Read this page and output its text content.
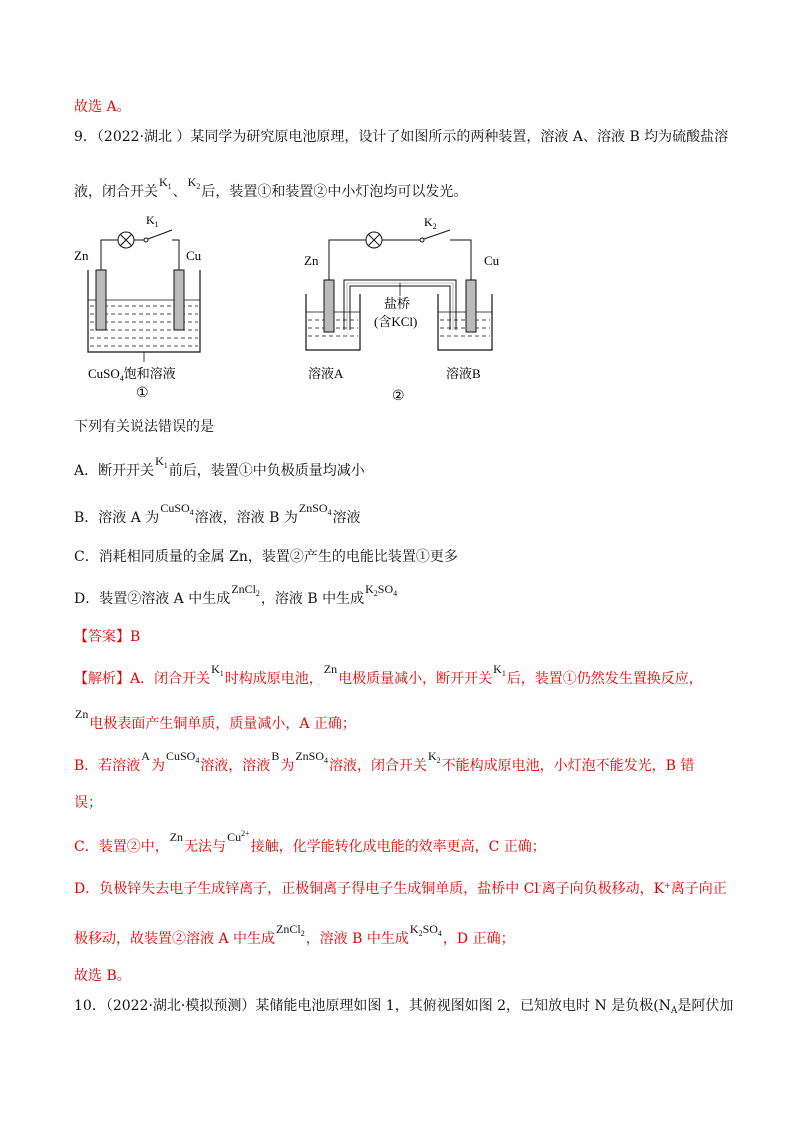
故选 A。
9．（2022·湖北 ）某同学为研究原电池原理，设计了如图所示的两种装置，溶液 A、溶液 B 均为硫酸盐溶
液，闭合开关$K_1$、$K_2$后，装置①和装置②中小灯泡均可以发光。
Zn	Cu
$K_1$
CuSO$_4$饱和溶液
①
Zn	Cu
$K_2$
盐桥
(含KCl)
溶液A	溶液B
②
下列有关说法错误的是
A．断开开关$K_1$前后，装置①中负极质量均减小
B．溶液 A 为CuSO$_4$溶液，溶液 B 为ZnSO$_4$溶液
C．消耗相同质量的金属 Zn，装置②产生的电能比装置①更多
D．装置②溶液 A 中生成ZnCl$_2$，溶液 B 中生成$K_2SO_4$
【答案】B
【解析】A．闭合开关$K_1$时构成原电池，Zn电极质量减小，断开开关$K_1$后，装置①仍然发生置换反应，
Zn电极表面产生铜单质，质量减小，A 正确；
B．若溶液A为CuSO$_4$溶液，溶液B为ZnSO$_4$溶液，闭合开关$K_2$不能构成原电池，小灯泡不能发光，B 错
误；
C．装置②中，Zn无法与$Cu^{2+}$接触，化学能转化成电能的效率更高，C 正确；
D．负极锌失去电子生成锌离子，正极铜离子得电子生成铜单质，盐桥中 Cl-离子向负极移动，K+离子向正
极移动，故装置②溶液 A 中生成ZnCl$_2$，溶液 B 中生成$K_2SO_4$，D 正确；
故选 B。
10．（2022·湖北·模拟预测）某储能电池原理如图 1，其俯视图如图 2，已知放电时 N 是负极($N_A$是阿伏加
